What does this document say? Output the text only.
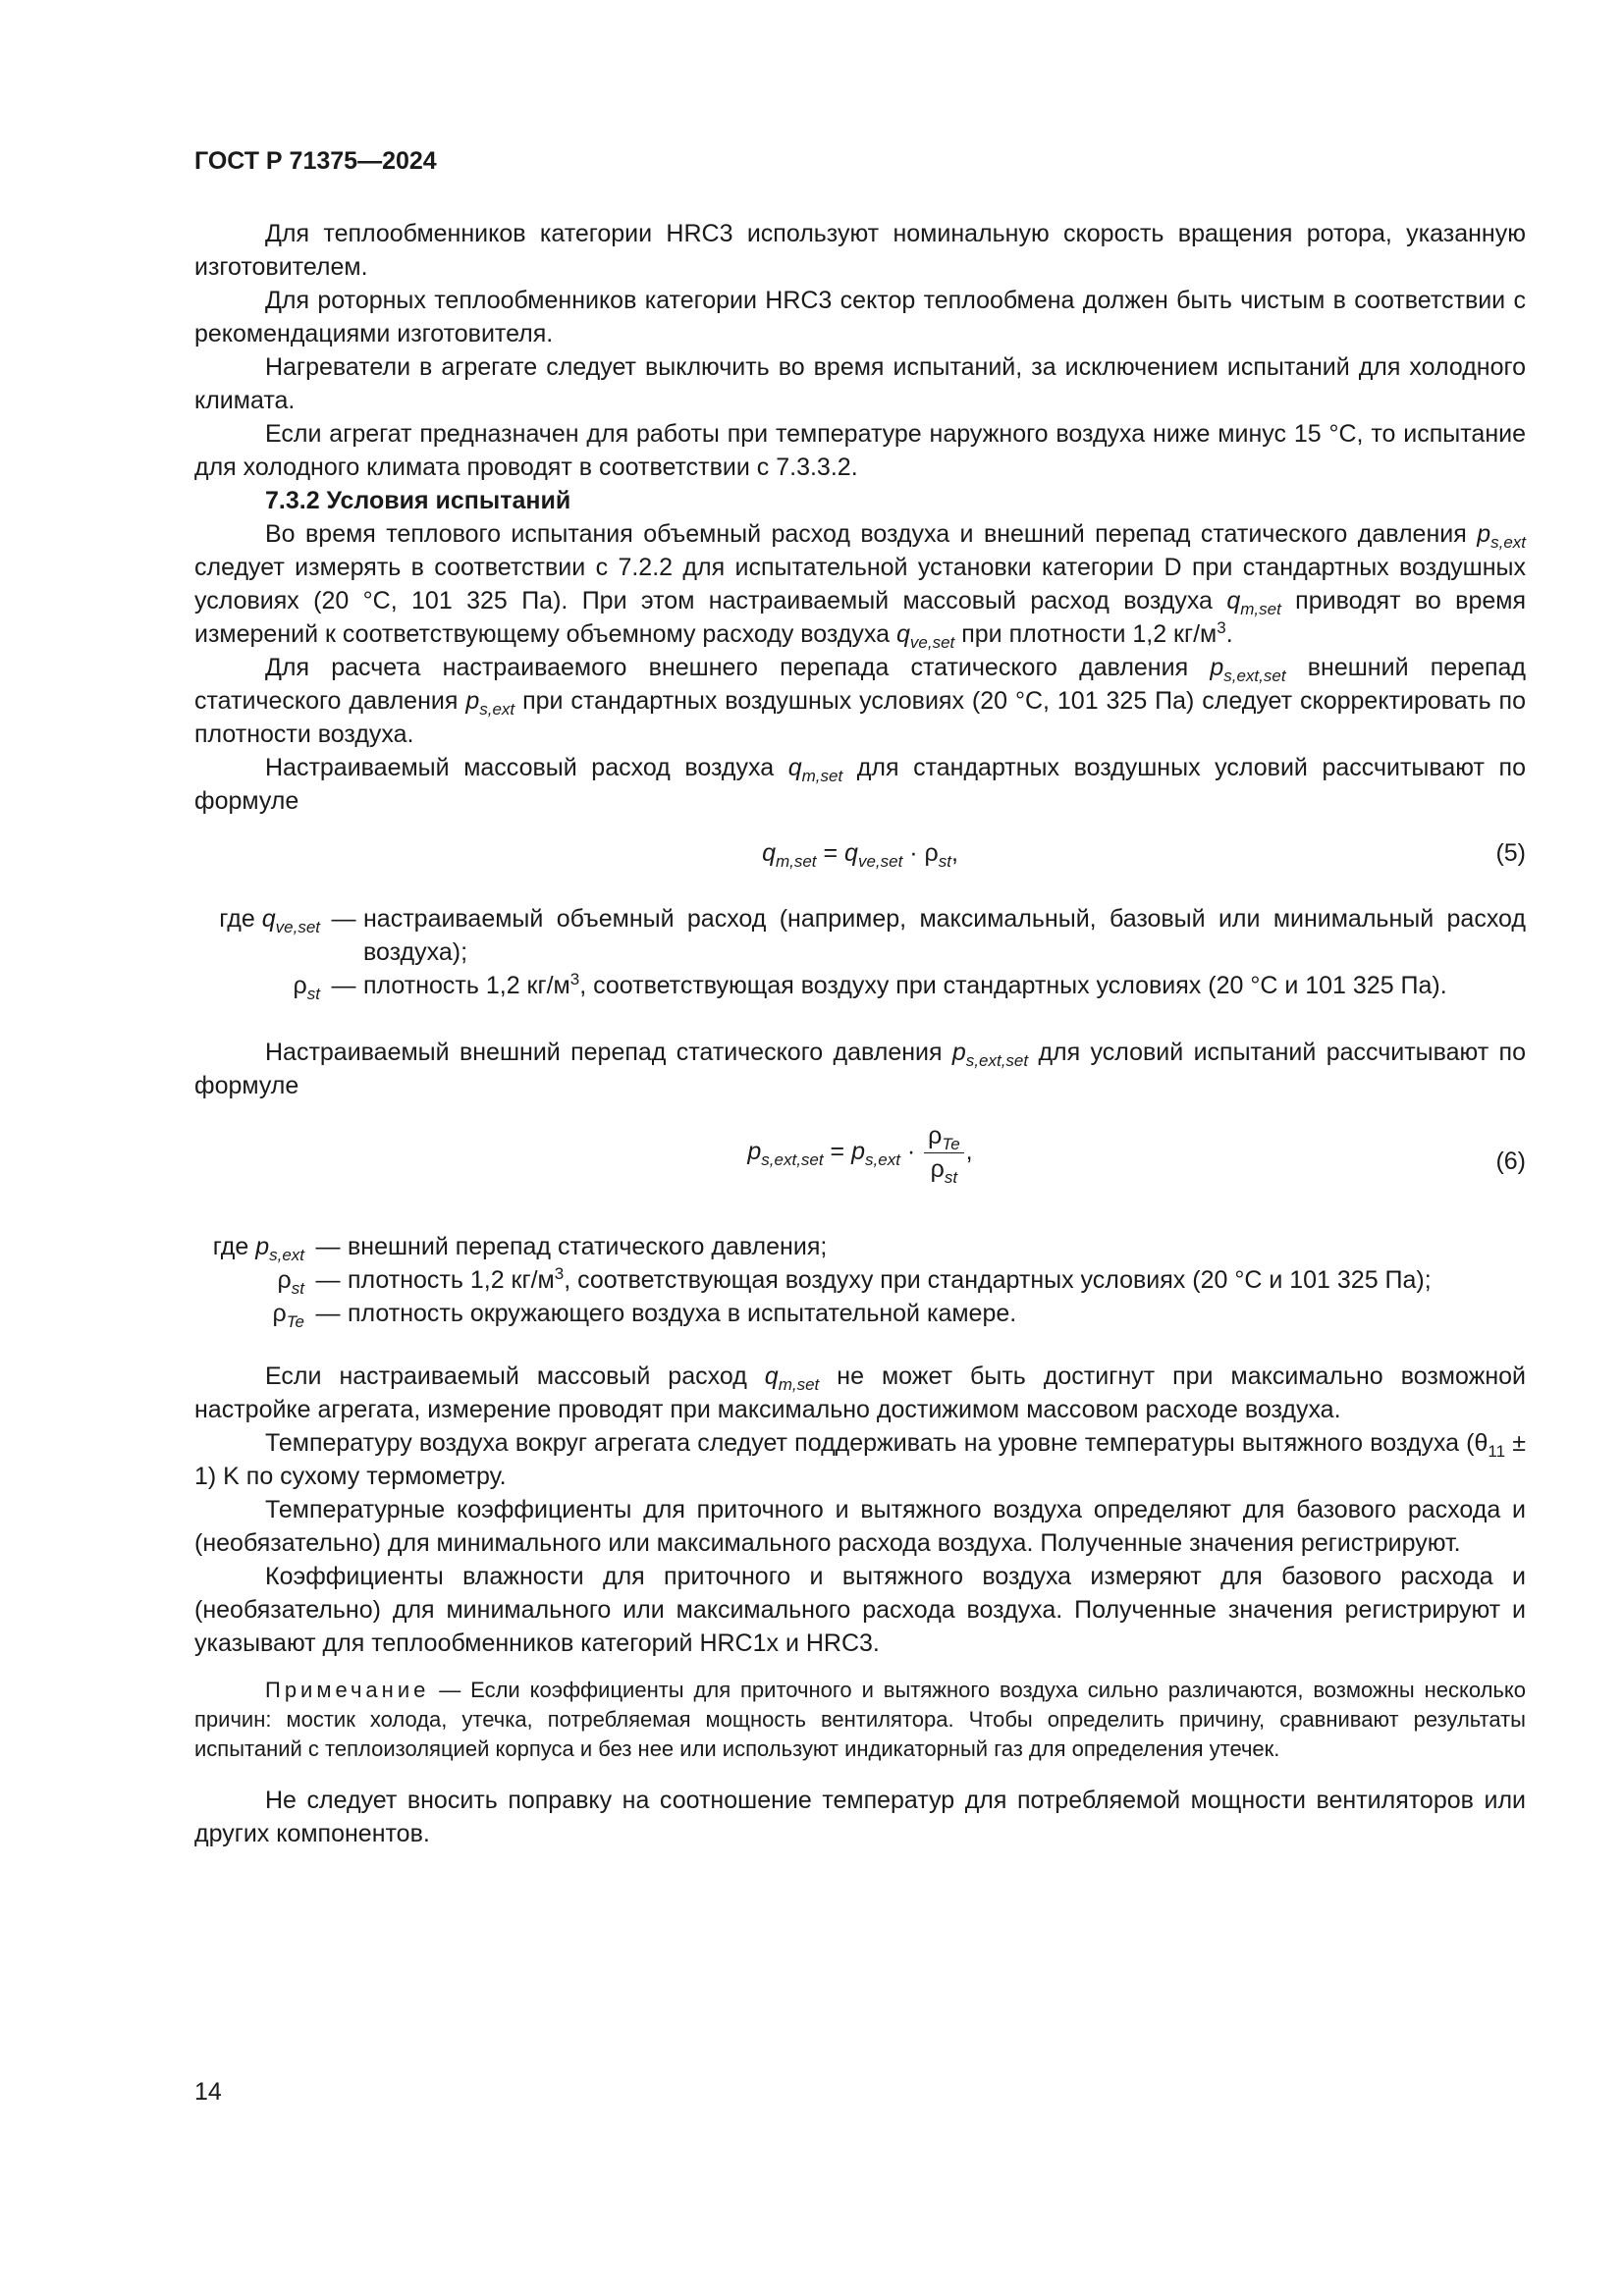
ГОСТ Р 71375—2024

Для теплообменников категории HRC3 используют номинальную скорость вращения ротора, указанную изготовителем.

Для роторных теплообменников категории HRC3 сектор теплообмена должен быть чистым в соответствии с рекомендациями изготовителя.

Нагреватели в агрегате следует выключить во время испытаний, за исключением испытаний для холодного климата.

Если агрегат предназначен для работы при температуре наружного воздуха ниже минус 15 °C, то испытание для холодного климата проводят в соответствии с 7.3.3.2.

7.3.2 Условия испытаний

Во время теплового испытания объемный расход воздуха и внешний перепад статического давления $p_{s,ext}$ следует измерять в соответствии с 7.2.2 для испытательной установки категории D при стандартных воздушных условиях (20 °C, 101 325 Па). При этом настраиваемый массовый расход воздуха $q_{m,set}$ приводят во время измерений к соответствующему объемному расходу воздуха $q_{ve,set}$ при плотности 1,2 $кг/м^3$.

Для расчета настраиваемого внешнего перепада статического давления $p_{s,ext,set}$ внешний перепад статического давления $p_{s,ext}$ при стандартных воздушных условиях (20 °C, 101 325 Па) следует скорректировать по плотности воздуха.

Настраиваемый массовый расход воздуха $q_{m,set}$ для стандартных воздушных условий рассчитывают по формуле

$q_{m,set} = q_{ve,set} \cdot \rho_{st}$,	(5)
где $q_{ve,set}$	—	настраиваемый объемный расход (например, максимальный, базовый или минимальный расход воздуха);
$\rho_{st}$	—	плотность 1,2 $кг/м^3$, соответствующая воздуху при стандартных условиях (20 °C и 101 325 Па).

Настраиваемый внешний перепад статического давления $p_{s,ext,set}$ для условий испытаний рассчитывают по формуле

$p_{s,ext,set} = p_{s,ext} \cdot \frac{\rho_{Te}}{\rho_{st}}$ ,	(6)
где $p_{s,ext}$	—	внешний перепад статического давления;
$\rho_{st}$	—	плотность 1,2 $кг/м^3$, соответствующая воздуху при стандартных условиях (20 °C и 101 325 Па);
$\rho_{Te}$	—	плотность окружающего воздуха в испытательной камере.

Если настраиваемый массовый расход $q_{m,set}$ не может быть достигнут при максимально возможной настройке агрегата, измерение проводят при максимально достижимом массовом расходе воздуха.

Температуру воздуха вокруг агрегата следует поддерживать на уровне температуры вытяжного воздуха $(\theta_{11} \pm 1)$ K по сухому термометру.

Температурные коэффициенты для приточного и вытяжного воздуха определяют для базового расхода и (необязательно) для минимального или максимального расхода воздуха. Полученные значения регистрируют.

Коэффициенты влажности для приточного и вытяжного воздуха измеряют для базового расхода и (необязательно) для минимального или максимального расхода воздуха. Полученные значения регистрируют и указывают для теплообменников категорий HRC1x и HRC3.

Примечание — Если коэффициенты для приточного и вытяжного воздуха сильно различаются, возможны несколько причин: мостик холода, утечка, потребляемая мощность вентилятора. Чтобы определить причину, сравнивают результаты испытаний с теплоизоляцией корпуса и без нее или используют индикаторный газ для определения утечек.

Не следует вносить поправку на соотношение температур для потребляемой мощности вентиляторов или других компонентов.

14
